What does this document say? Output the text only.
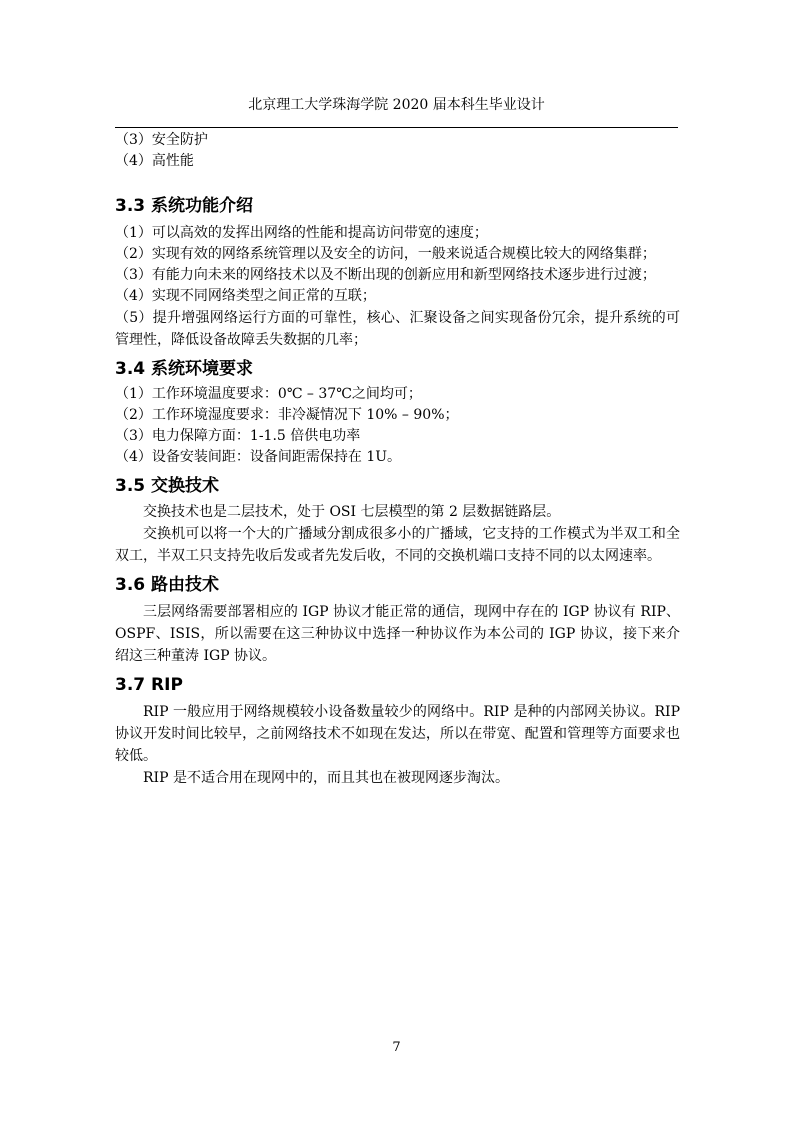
北京理工大学珠海学院 2020 届本科生毕业设计
（3）安全防护
（4）高性能
3.3 系统功能介绍
（1）可以高效的发挥出网络的性能和提高访问带宽的速度；
（2）实现有效的网络系统管理以及安全的访问，一般来说适合规模比较大的网络集群；
（3）有能力向未来的网络技术以及不断出现的创新应用和新型网络技术逐步进行过渡；
（4）实现不同网络类型之间正常的互联；
（5）提升增强网络运行方面的可靠性，核心、汇聚设备之间实现备份冗余，提升系统的可管理性，降低设备故障丢失数据的几率；
3.4 系统环境要求
（1）工作环境温度要求：0℃ – 37℃之间均可；
（2）工作环境湿度要求：非冷凝情况下 10% – 90%；
（3）电力保障方面：1-1.5 倍供电功率
（4）设备安装间距：设备间距需保持在 1U。
3.5 交换技术
交换技术也是二层技术，处于 OSI 七层模型的第 2 层数据链路层。
交换机可以将一个大的广播域分割成很多小的广播域，它支持的工作模式为半双工和全双工，半双工只支持先收后发或者先发后收，不同的交换机端口支持不同的以太网速率。
3.6 路由技术
三层网络需要部署相应的 IGP 协议才能正常的通信，现网中存在的 IGP 协议有 RIP、OSPF、ISIS，所以需要在这三种协议中选择一种协议作为本公司的 IGP 协议，接下来介绍这三种董涛 IGP 协议。
3.7 RIP
RIP 一般应用于网络规模较小设备数量较少的网络中。RIP 是种的内部网关协议。RIP 协议开发时间比较早，之前网络技术不如现在发达，所以在带宽、配置和管理等方面要求也较低。
RIP 是不适合用在现网中的，而且其也在被现网逐步淘汰。
7
